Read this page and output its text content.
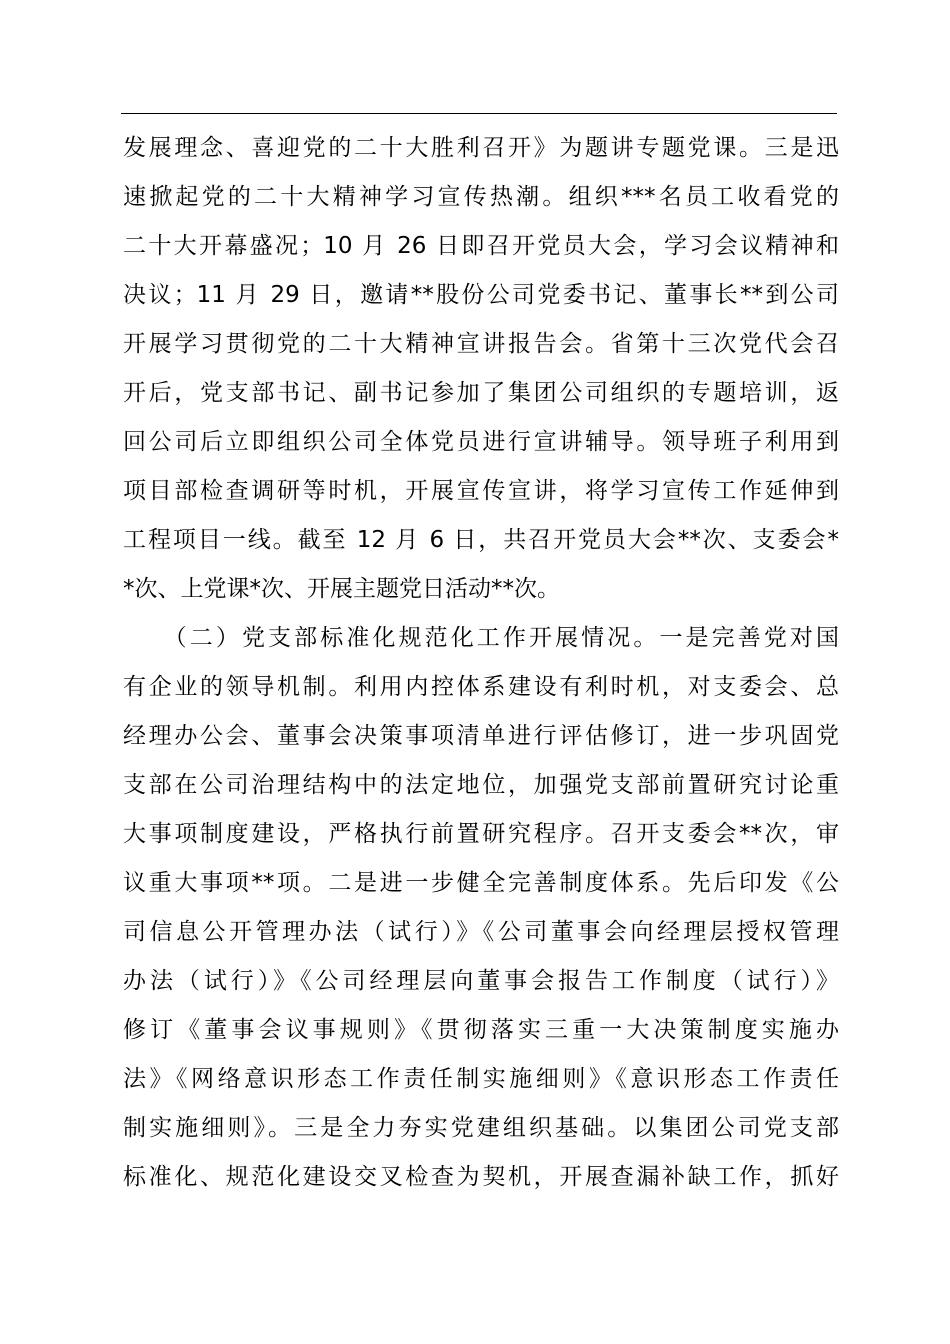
发展理念、喜迎党的二十大胜利召开》为题讲专题党课。三是迅
速掀起党的二十大精神学习宣传热潮。组织***名员工收看党的
二十大开幕盛况；10 月 26 日即召开党员大会，学习会议精神和
决议；11 月 29 日，邀请**股份公司党委书记、董事长**到公司
开展学习贯彻党的二十大精神宣讲报告会。省第十三次党代会召
开后，党支部书记、副书记参加了集团公司组织的专题培训，返
回公司后立即组织公司全体党员进行宣讲辅导。领导班子利用到
项目部检查调研等时机，开展宣传宣讲，将学习宣传工作延伸到
工程项目一线。截至 12 月 6 日，共召开党员大会**次、支委会*
*次、上党课*次、开展主题党日活动**次。
　　（二）党支部标准化规范化工作开展情况。一是完善党对国
有企业的领导机制。利用内控体系建设有利时机，对支委会、总
经理办公会、董事会决策事项清单进行评估修订，进一步巩固党
支部在公司治理结构中的法定地位，加强党支部前置研究讨论重
大事项制度建设，严格执行前置研究程序。召开支委会**次，审
议重大事项**项。二是进一步健全完善制度体系。先后印发《公
司信息公开管理办法（试行）》《公司董事会向经理层授权管理
办法（试行）》《公司经理层向董事会报告工作制度（试行）》
修订《董事会议事规则》《贯彻落实三重一大决策制度实施办
法》《网络意识形态工作责任制实施细则》《意识形态工作责任
制实施细则》。三是全力夯实党建组织基础。以集团公司党支部
标准化、规范化建设交叉检查为契机，开展查漏补缺工作，抓好
